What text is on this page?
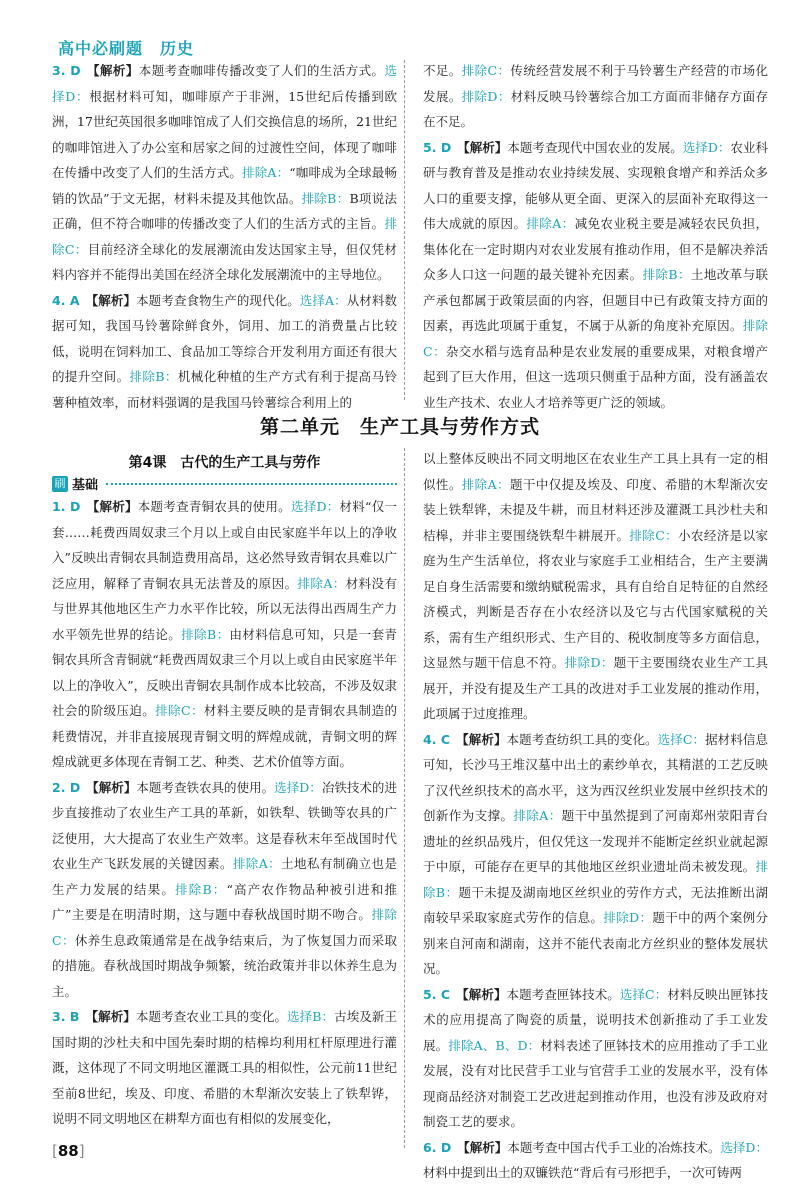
高中必刷题　历史

3. D 【解析】本题考查咖啡传播改变了人们的生活方式。选择D：根据材料可知，咖啡原产于非洲，15世纪后传播到欧洲，17世纪英国很多咖啡馆成了人们交换信息的场所，21世纪的咖啡馆进入了办公室和居家之间的过渡性空间，体现了咖啡在传播中改变了人们的生活方式。排除A：“咖啡成为全球最畅销的饮品”于文无据，材料未提及其他饮品。排除B：B项说法正确，但不符合咖啡的传播改变了人们的生活方式的主旨。排除C：目前经济全球化的发展潮流由发达国家主导，但仅凭材料内容并不能得出美国在经济全球化发展潮流中的主导地位。

4. A 【解析】本题考查食物生产的现代化。选择A：从材料数据可知，我国马铃薯除鲜食外，饲用、加工的消费量占比较低，说明在饲料加工、食品加工等综合开发利用方面还有很大的提升空间。排除B：机械化种植的生产方式有利于提高马铃薯种植效率，而材料强调的是我国马铃薯综合利用上的

不足。排除C：传统经营发展不利于马铃薯生产经营的市场化发展。排除D：材料反映马铃薯综合加工方面而非储存方面存在不足。

5. D 【解析】本题考查现代中国农业的发展。选择D：农业科研与教育普及是推动农业持续发展、实现粮食增产和养活众多人口的重要支撑，能够从更全面、更深入的层面补充取得这一伟大成就的原因。排除A：减免农业税主要是减轻农民负担，集体化在一定时期内对农业发展有推动作用，但不是解决养活众多人口这一问题的最关键补充因素。排除B：土地改革与联产承包都属于政策层面的内容，但题目中已有政策支持方面的因素，再选此项属于重复，不属于从新的角度补充原因。排除C：杂交水稻与选育品种是农业发展的重要成果，对粮食增产起到了巨大作用，但这一选项只侧重于品种方面，没有涵盖农业生产技术、农业人才培养等更广泛的领域。

第二单元　生产工具与劳作方式
第4课　古代的生产工具与劳作
刷 基础

1. D 【解析】本题考查青铜农具的使用。选择D：材料“仅一套……耗费西周奴隶三个月以上或自由民家庭半年以上的净收入”反映出青铜农具制造费用高昂，这必然导致青铜农具难以广泛应用，解释了青铜农具无法普及的原因。排除A：材料没有与世界其他地区生产力水平作比较，所以无法得出西周生产力水平领先世界的结论。排除B：由材料信息可知，只是一套青铜农具所含青铜就“耗费西周奴隶三个月以上或自由民家庭半年以上的净收入”，反映出青铜农具制作成本比较高，不涉及奴隶社会的阶级压迫。排除C：材料主要反映的是青铜农具制造的耗费情况，并非直接展现青铜文明的辉煌成就，青铜文明的辉煌成就更多体现在青铜工艺、种类、艺术价值等方面。

2. D 【解析】本题考查铁农具的使用。选择D：冶铁技术的进步直接推动了农业生产工具的革新，如铁犁、铁锄等农具的广泛使用，大大提高了农业生产效率。这是春秋末年至战国时代农业生产飞跃发展的关键因素。排除A：土地私有制确立也是生产力发展的结果。排除B：“高产农作物品种被引进和推广”主要是在明清时期，这与题中春秋战国时期不吻合。排除C：休养生息政策通常是在战争结束后，为了恢复国力而采取的措施。春秋战国时期战争频繁，统治政策并非以休养生息为主。

3. B 【解析】本题考查农业工具的变化。选择B：古埃及新王国时期的沙杜夫和中国先秦时期的桔槔均利用杠杆原理进行灌溉，这体现了不同文明地区灌溉工具的相似性，公元前11世纪至前8世纪，埃及、印度、希腊的木犁渐次安装上了铁犁铧，说明不同文明地区在耕犁方面也有相似的发展变化，

以上整体反映出不同文明地区在农业生产工具上具有一定的相似性。排除A：题干中仅提及埃及、印度、希腊的木犁渐次安装上铁犁铧，未提及牛耕，而且材料还涉及灌溉工具沙杜夫和桔槔，并非主要围绕铁犁牛耕展开。排除C：小农经济是以家庭为生产生活单位，将农业与家庭手工业相结合，生产主要满足自身生活需要和缴纳赋税需求，具有自给自足特征的自然经济模式，判断是否存在小农经济以及它与古代国家赋税的关系，需有生产组织形式、生产目的、税收制度等多方面信息，这显然与题干信息不符。排除D：题干主要围绕农业生产工具展开，并没有提及生产工具的改进对手工业发展的推动作用，此项属于过度推理。

4. C 【解析】本题考查纺织工具的变化。选择C：据材料信息可知，长沙马王堆汉墓中出土的素纱单衣，其精湛的工艺反映了汉代丝织技术的高水平，这为西汉丝织业发展中丝织技术的创新作为支撑。排除A：题干中虽然提到了河南郑州荥阳青台遗址的丝织品残片，但仅凭这一发现并不能断定丝织业就起源于中原，可能存在更早的其他地区丝织业遗址尚未被发现。排除B：题干未提及湖南地区丝织业的劳作方式，无法推断出湖南较早采取家庭式劳作的信息。排除D：题干中的两个案例分别来自河南和湖南，这并不能代表南北方丝织业的整体发展状况。

5. C 【解析】本题考查匣钵技术。选择C：材料反映出匣钵技术的应用提高了陶瓷的质量，说明技术创新推动了手工业发展。排除A、B、D：材料表述了匣钵技术的应用推动了手工业发展，没有对比民营手工业与官营手工业的发展水平，没有体现商品经济对制瓷工艺改进起到推动作用，也没有涉及政府对制瓷工艺的要求。

6. D 【解析】本题考查中国古代手工业的冶炼技术。选择D：材料中提到出土的双镰铁范“背后有弓形把手，一次可铸两

[88]
